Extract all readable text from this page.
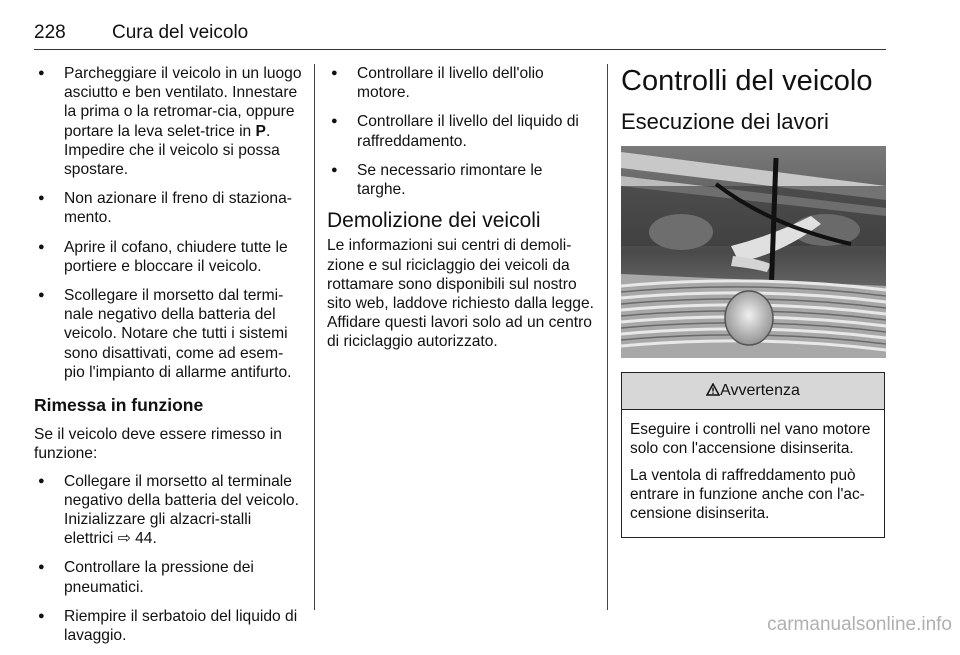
228 Cura del veicolo
● Parcheggiare il veicolo in un luogo asciutto e ben ventilato. Innestare la prima o la retromar-cia, oppure portare la leva selet-trice in P. Impedire che il veicolo si possa spostare.
● Non azionare il freno di staziona-mento.
● Aprire il cofano, chiudere tutte le portiere e bloccare il veicolo.
● Scollegare il morsetto dal termi-nale negativo della batteria del veicolo. Notare che tutti i sistemi sono disattivati, come ad esem-pio l'impianto di allarme antifurto.
Rimessa in funzione

Se il veicolo deve essere rimesso in funzione:

● Collegare il morsetto al terminale negativo della batteria del veicolo. Inizializzare gli alzacri-stalli elettrici ⇨ 44.
● Controllare la pressione dei pneumatici.
● Riempire il serbatoio del liquido di lavaggio.
● Controllare il livello dell'olio motore.
● Controllare il livello del liquido di raffreddamento.
● Se necessario rimontare le targhe.
Demolizione dei veicoli

Le informazioni sui centri di demoli-zione e sul riciclaggio dei veicoli da rottamare sono disponibili sul nostro sito web, laddove richiesto dalla legge. Affidare questi lavori solo ad un centro di riciclaggio autorizzato.

Controlli del veicolo
Esecuzione dei lavori
Avvertenza

Eseguire i controlli nel vano motore solo con l'accensione disinserita.

La ventola di raffreddamento può entrare in funzione anche con l'ac-censione disinserita.

carmanualsonline.info
